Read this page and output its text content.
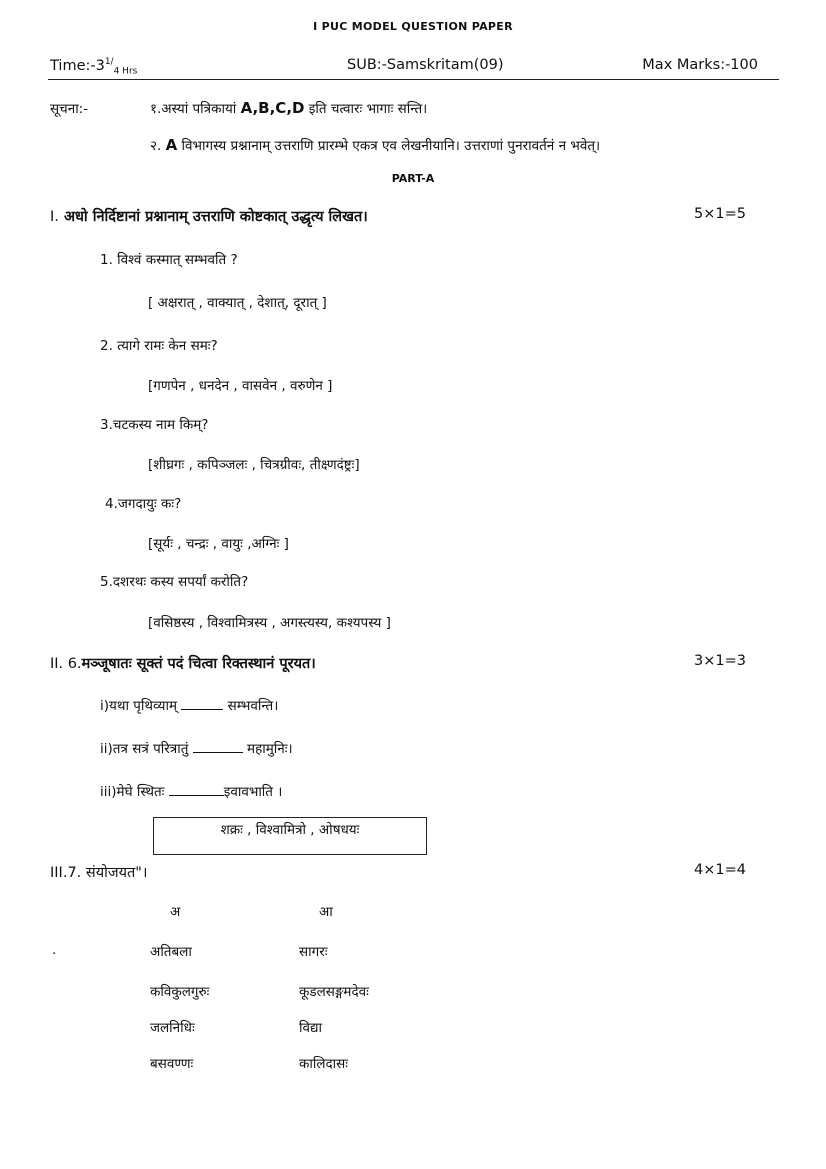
I PUC MODEL QUESTION PAPER
$Time:-3^{1/}_{4 Hrs}$	SUB:-Samskritam(09)	Max Marks:-100
सूचना:-	१.अस्यां पत्रिकायां A,B,C,D इति चत्वारः भागाः सन्ति।
२. A विभागस्य प्रश्नानाम् उत्तराणि प्रारम्भे एकत्र एव लेखनीयानि। उत्तराणां पुनरावर्तनं न भवेत्।
PART-A
I. अधो निर्दिष्टानां प्रश्नानाम् उत्तराणि कोष्टकात् उद्धृत्य लिखत।	5×1=5
1. विश्वं कस्मात् सम्भवति ?
[ अक्षरात् , वाक्यात् , देशात्, दूरात् ]
2. त्यागे रामः केन समः?
[गणपेन , धनदेन , वासवेन , वरुणेन ]
3.चटकस्य नाम किम्?
[शीघ्रगः , कपिञ्जलः , चित्रग्रीवः, तीक्ष्णदंष्ट्रः]
4.जगदायुः कः?
[सूर्यः , चन्द्रः , वायुः ,अग्निः ]
5.दशरथः कस्य सपर्यां करोति?
[वसिष्ठस्य , विश्वामित्रस्य , अगस्त्यस्य, कश्यपस्य ]
II. 6.मञ्जूषातः सूक्तं पदं चित्वा रिक्तस्थानं पूरयत।	3×1=3
i)यथा पृथिव्याम्	सम्भवन्ति।
ii)तत्र सत्रं परित्रातुं	महामुनिः।
iii)मेघे स्थितः	इवावभाति ।
शक्रः , विश्वामित्रो , ओषधयः
III.7. संयोजयत"।	4×1=4
अ	आ
.	अतिबला	सागरः
कविकुलगुरुः	कूडलसङ्गमदेवः
जलनिधिः	विद्या
बसवण्णः	कालिदासः
